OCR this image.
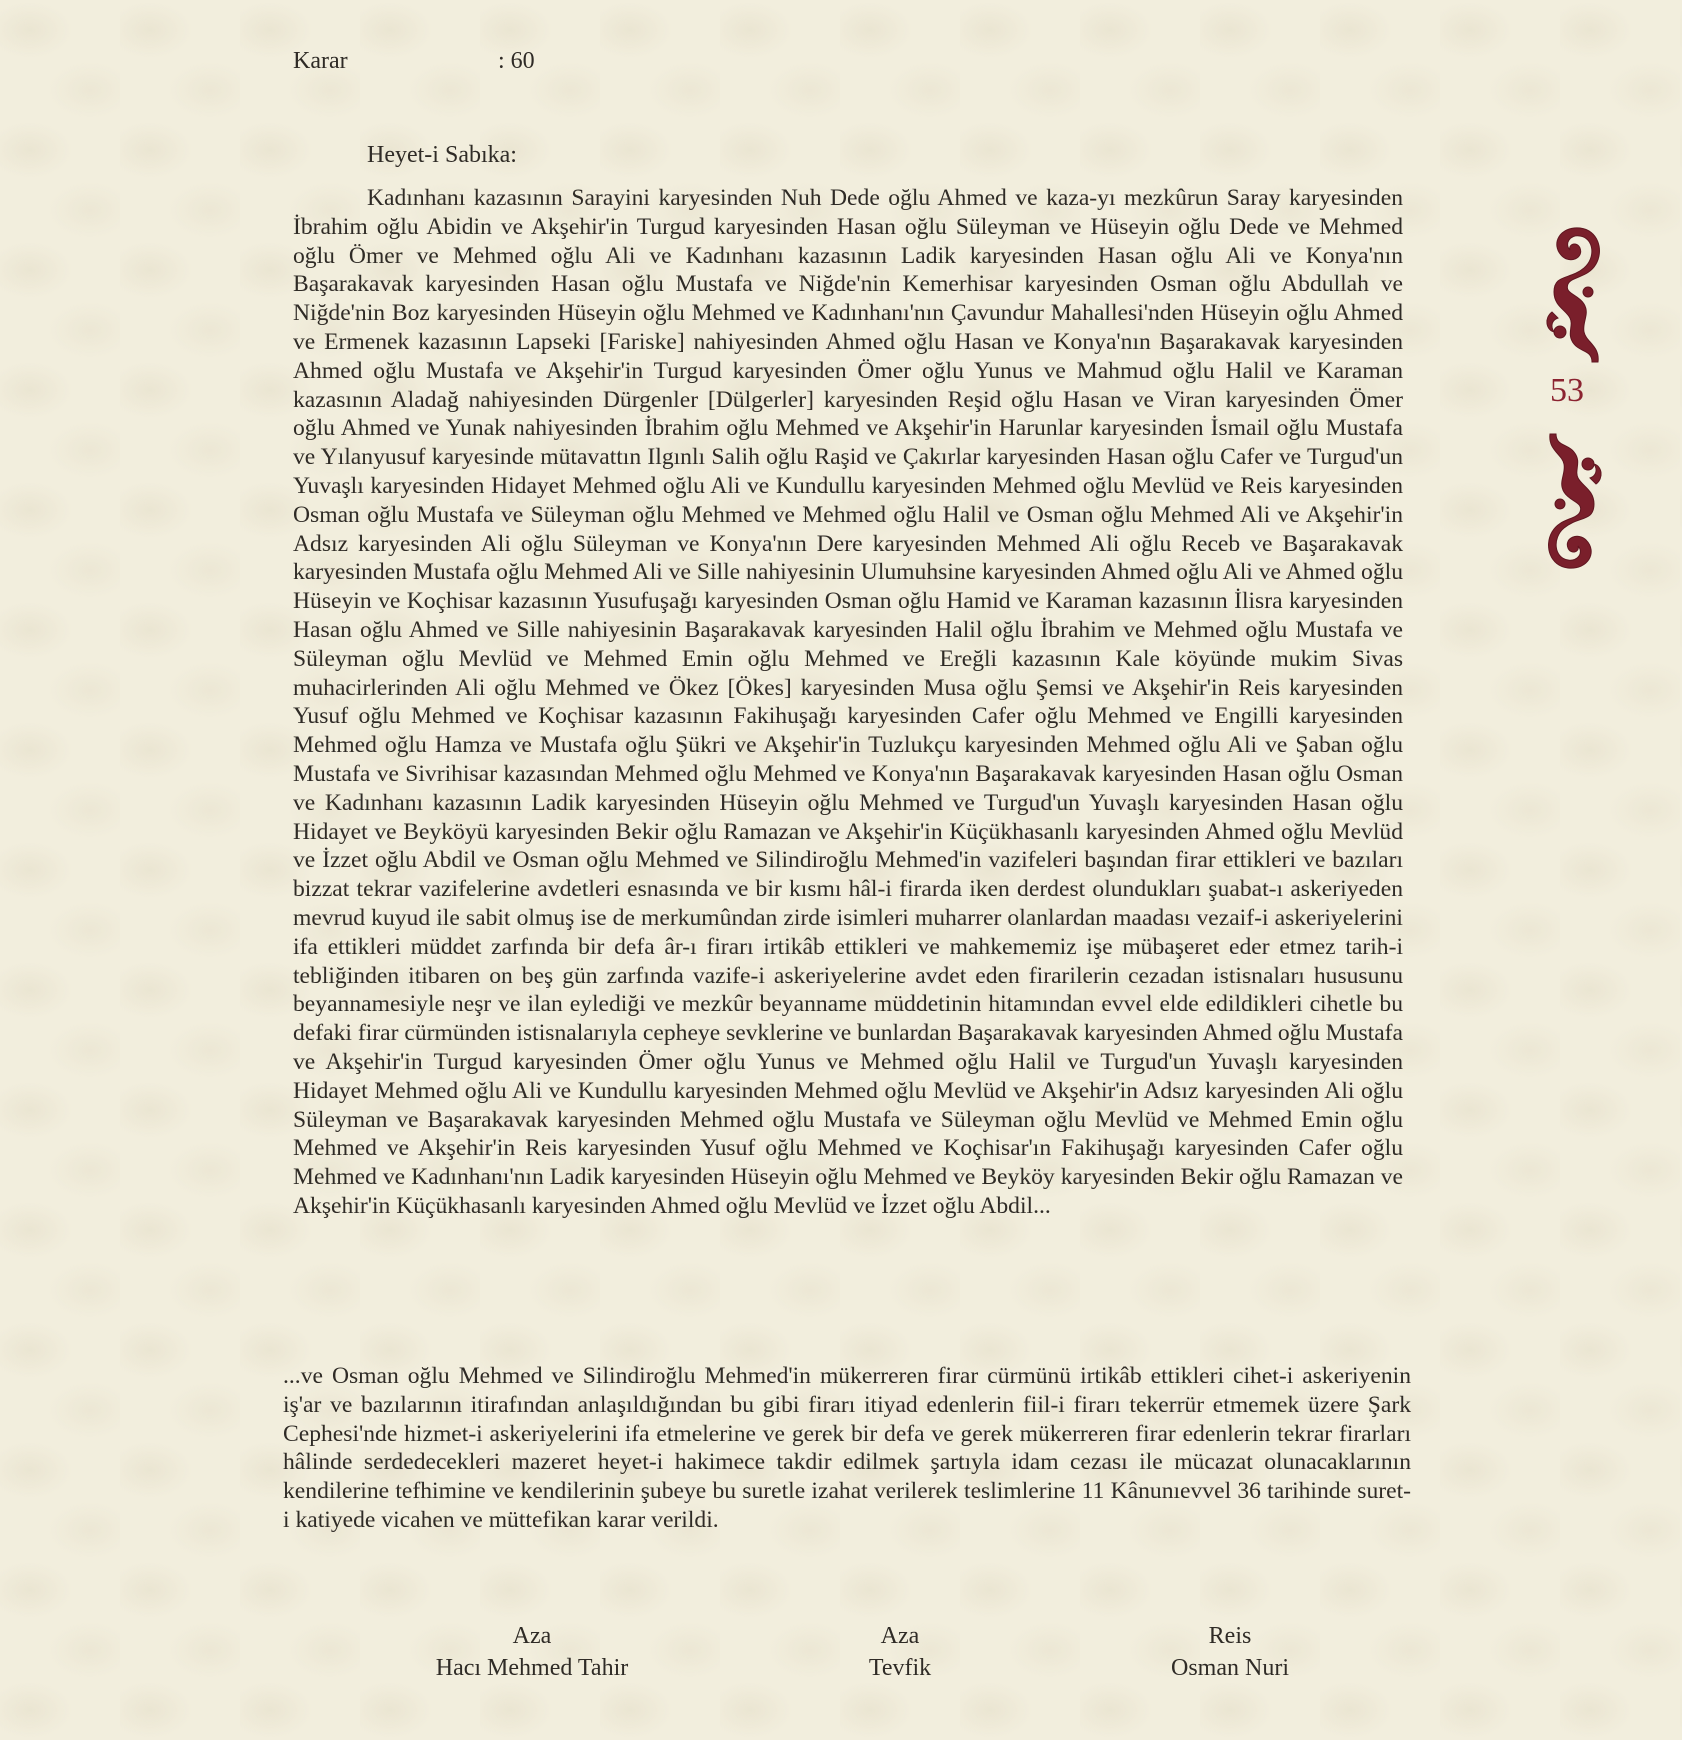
Karar	: 60
Heyet-i Sabıka:

Kadınhanı kazasının Sarayini karyesinden Nuh Dede oğlu Ahmed ve kaza-yı mezkûrun Saray karyesinden İbrahim oğlu Abidin ve Akşehir'in Turgud karyesinden Hasan oğlu Süleyman ve Hüseyin oğlu Dede ve Mehmed oğlu Ömer ve Mehmed oğlu Ali ve Kadınhanı kazasının Ladik karyesinden Hasan oğlu Ali ve Konya'nın Başarakavak karyesinden Hasan oğlu Mustafa ve Niğde'nin Kemerhisar karyesinden Osman oğlu Abdullah ve Niğde'nin Boz karyesinden Hüseyin oğlu Mehmed ve Kadınhanı'nın Çavundur Mahallesi'nden Hüseyin oğlu Ahmed ve Ermenek kazasının Lapseki [Fariske] nahiyesinden Ahmed oğlu Hasan ve Konya'nın Başarakavak karyesinden Ahmed oğlu Mustafa ve Akşehir'in Turgud karyesinden Ömer oğlu Yunus ve Mahmud oğlu Halil ve Karaman kazasının Aladağ nahiyesinden Dürgenler [Dülgerler] karyesinden Reşid oğlu Hasan ve Viran karyesinden Ömer oğlu Ahmed ve Yunak nahiyesinden İbrahim oğlu Mehmed ve Akşehir'in Harunlar karyesinden İsmail oğlu Mustafa ve Yılanyusuf karyesinde mütavattın Ilgınlı Salih oğlu Raşid ve Çakırlar karyesinden Hasan oğlu Cafer ve Turgud'un Yuvaşlı karyesinden Hidayet Mehmed oğlu Ali ve Kundullu karyesinden Mehmed oğlu Mevlüd ve Reis karyesinden Osman oğlu Mustafa ve Süleyman oğlu Mehmed ve Mehmed oğlu Halil ve Osman oğlu Mehmed Ali ve Akşehir'in Adsız karyesinden Ali oğlu Süleyman ve Konya'nın Dere karyesinden Mehmed Ali oğlu Receb ve Başarakavak karyesinden Mustafa oğlu Mehmed Ali ve Sille nahiyesinin Ulumuhsine karyesinden Ahmed oğlu Ali ve Ahmed oğlu Hüseyin ve Koçhisar kazasının Yusufuşağı karyesinden Osman oğlu Hamid ve Karaman kazasının İlisra karyesinden Hasan oğlu Ahmed ve Sille nahiyesinin Başarakavak karyesinden Halil oğlu İbrahim ve Mehmed oğlu Mustafa ve Süleyman oğlu Mevlüd ve Mehmed Emin oğlu Mehmed ve Ereğli kazasının Kale köyünde mukim Sivas muhacirlerinden Ali oğlu Mehmed ve Ökez [Ökes] karyesinden Musa oğlu Şemsi ve Akşehir'in Reis karyesinden Yusuf oğlu Mehmed ve Koçhisar kazasının Fakihuşağı karyesinden Cafer oğlu Mehmed ve Engilli karyesinden Mehmed oğlu Hamza ve Mustafa oğlu Şükri ve Akşehir'in Tuzlukçu karyesinden Mehmed oğlu Ali ve Şaban oğlu Mustafa ve Sivrihisar kazasından Mehmed oğlu Mehmed ve Konya'nın Başarakavak karyesinden Hasan oğlu Osman ve Kadınhanı kazasının Ladik karyesinden Hüseyin oğlu Mehmed ve Turgud'un Yuvaşlı karyesinden Hasan oğlu Hidayet ve Beyköyü karyesinden Bekir oğlu Ramazan ve Akşehir'in Küçükhasanlı karyesinden Ahmed oğlu Mevlüd ve İzzet oğlu Abdil ve Osman oğlu Mehmed ve Silindiroğlu Mehmed'in vazifeleri başından firar ettikleri ve bazıları bizzat tekrar vazifelerine avdetleri esnasında ve bir kısmı hâl-i firarda iken derdest olundukları şuabat-ı askeriyeden mevrud kuyud ile sabit olmuş ise de merkumûndan zirde isimleri muharrer olanlardan maadası vezaif-i askeriyelerini ifa ettikleri müddet zarfında bir defa âr-ı firarı irtikâb ettikleri ve mahkememiz işe mübaşeret eder etmez tarih-i tebliğinden itibaren on beş gün zarfında vazife-i askeriyelerine avdet eden firarilerin cezadan istisnaları hususunu beyannamesiyle neşr ve ilan eylediği ve mezkûr beyanname müddetinin hitamından evvel elde edildikleri cihetle bu defaki firar cürmünden istisnalarıyla cepheye sevklerine ve bunlardan Başarakavak karyesinden Ahmed oğlu Mustafa ve Akşehir'in Turgud karyesinden Ömer oğlu Yunus ve Mehmed oğlu Halil ve Turgud'un Yuvaşlı karyesinden Hidayet Mehmed oğlu Ali ve Kundullu karyesinden Mehmed oğlu Mevlüd ve Akşehir'in Adsız karyesinden Ali oğlu Süleyman ve Başarakavak karyesinden Mehmed oğlu Mustafa ve Süleyman oğlu Mevlüd ve Mehmed Emin oğlu Mehmed ve Akşehir'in Reis karyesinden Yusuf oğlu Mehmed ve Koçhisar'ın Fakihuşağı karyesinden Cafer oğlu Mehmed ve Kadınhanı'nın Ladik karyesinden Hüseyin oğlu Mehmed ve Beyköy karyesinden Bekir oğlu Ramazan ve Akşehir'in Küçükhasanlı karyesinden Ahmed oğlu Mevlüd ve İzzet oğlu Abdil...

...ve Osman oğlu Mehmed ve Silindiroğlu Mehmed'in mükerreren firar cürmünü irtikâb ettikleri cihet-i askeriyenin iş'ar ve bazılarının itirafından anlaşıldığından bu gibi firarı itiyad edenlerin fiil-i firarı tekerrür etmemek üzere Şark Cephesi'nde hizmet-i askeriyelerini ifa etmelerine ve gerek bir defa ve gerek mükerreren firar edenlerin tekrar firarları hâlinde serdedecekleri mazeret heyet-i hakimece takdir edilmek şartıyla idam cezası ile mücazat olunacaklarının kendilerine tefhimine ve kendilerinin şubeye bu suretle izahat verilerek teslimlerine 11 Kânunıevvel 36 tarihinde suret-i katiyede vicahen ve müttefikan karar verildi.

Aza
Hacı Mehmed Tahir
Aza
Tevfik
Reis
Osman Nuri
53
